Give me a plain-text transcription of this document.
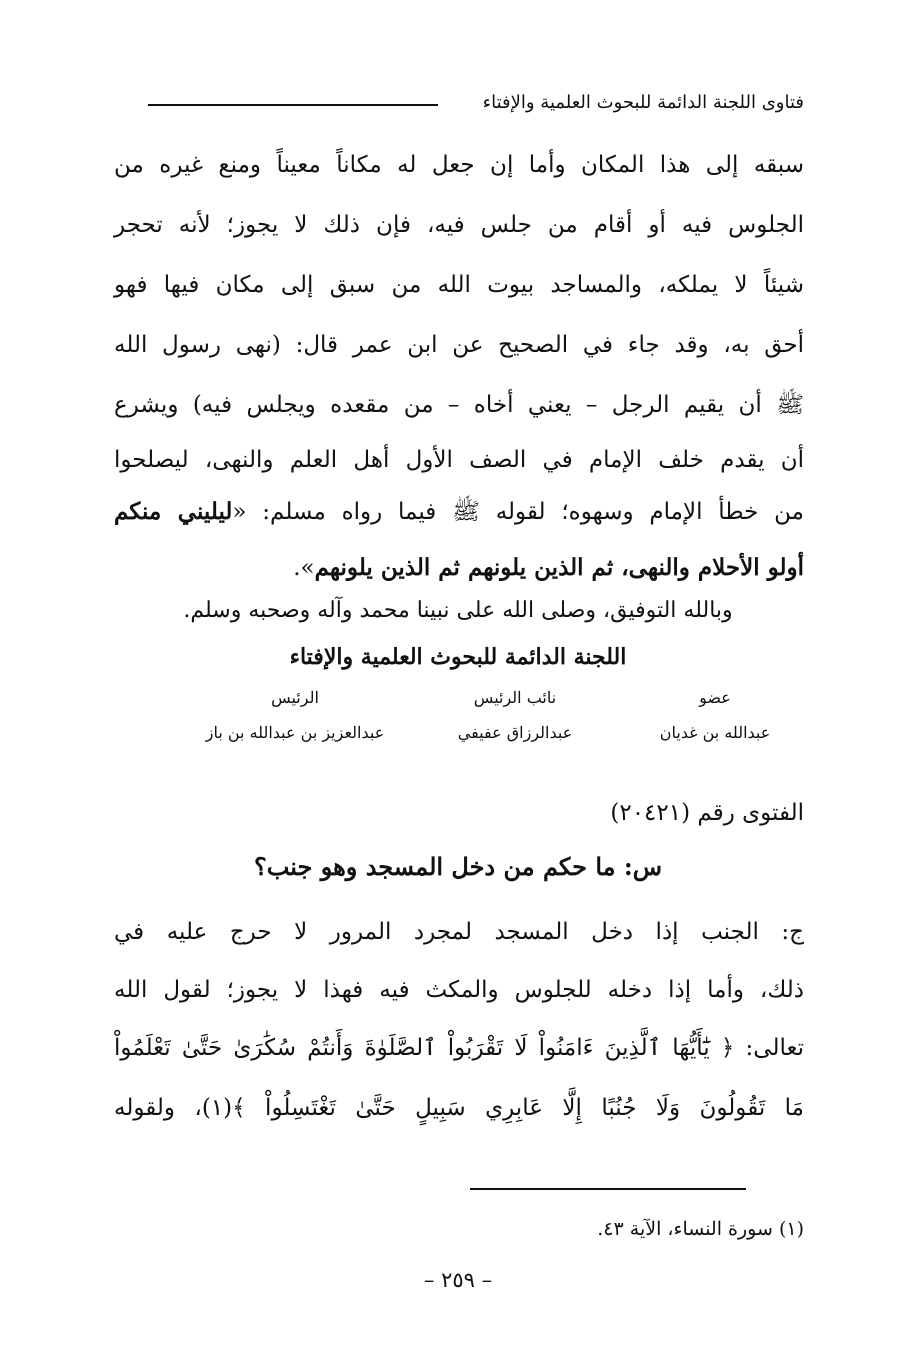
فتاوى اللجنة الدائمة للبحوث العلمية والإفتاء
سبقه إلى هذا المكان وأما إن جعل له مكاناً معيناً ومنع غيره من
الجلوس فيه أو أقام من جلس فيه، فإن ذلك لا يجوز؛ لأنه تحجر
شيئاً لا يملكه، والمساجد بيوت الله من سبق إلى مكان فيها فهو
أحق به، وقد جاء في الصحيح عن ابن عمر قال: (نهى رسول الله
ﷺ أن يقيم الرجل – يعني أخاه – من مقعده ويجلس فيه) ويشرع
أن يقدم خلف الإمام في الصف الأول أهل العلم والنهى، ليصلحوا
من خطأ الإمام وسهوه؛ لقوله ﷺ فيما رواه مسلم: «ليليني منكم
أولو الأحلام والنهى، ثم الذين يلونهم ثم الذين يلونهم».
وبالله التوفيق، وصلى الله على نبينا محمد وآله وصحبه وسلم.
اللجنة الدائمة للبحوث العلمية والإفتاء
عضو
عبدالله بن غديان
نائب الرئيس
عبدالرزاق عفيفي
الرئيس
عبدالعزيز بن عبدالله بن باز
الفتوى رقم (٢٠٤٢١)
س: ما حكم من دخل المسجد وهو جنب؟
ج: الجنب إذا دخل المسجد لمجرد المرور لا حرج عليه في
ذلك، وأما إذا دخله للجلوس والمكث فيه فهذا لا يجوز؛ لقول الله
تعالى: ﴿ يَٰٓأَيُّهَا ٱلَّذِينَ ءَامَنُواْ لَا تَقْرَبُواْ ٱلصَّلَوٰةَ وَأَنتُمْ سُكَٰرَىٰ حَتَّىٰ تَعْلَمُواْ
مَا تَقُولُونَ وَلَا جُنُبًا إِلَّا عَابِرِي سَبِيلٍ حَتَّىٰ تَغْتَسِلُواْ ﴾(١)، ولقوله
(١) سورة النساء، الآية ٤٣.
– ٢٥٩ –
